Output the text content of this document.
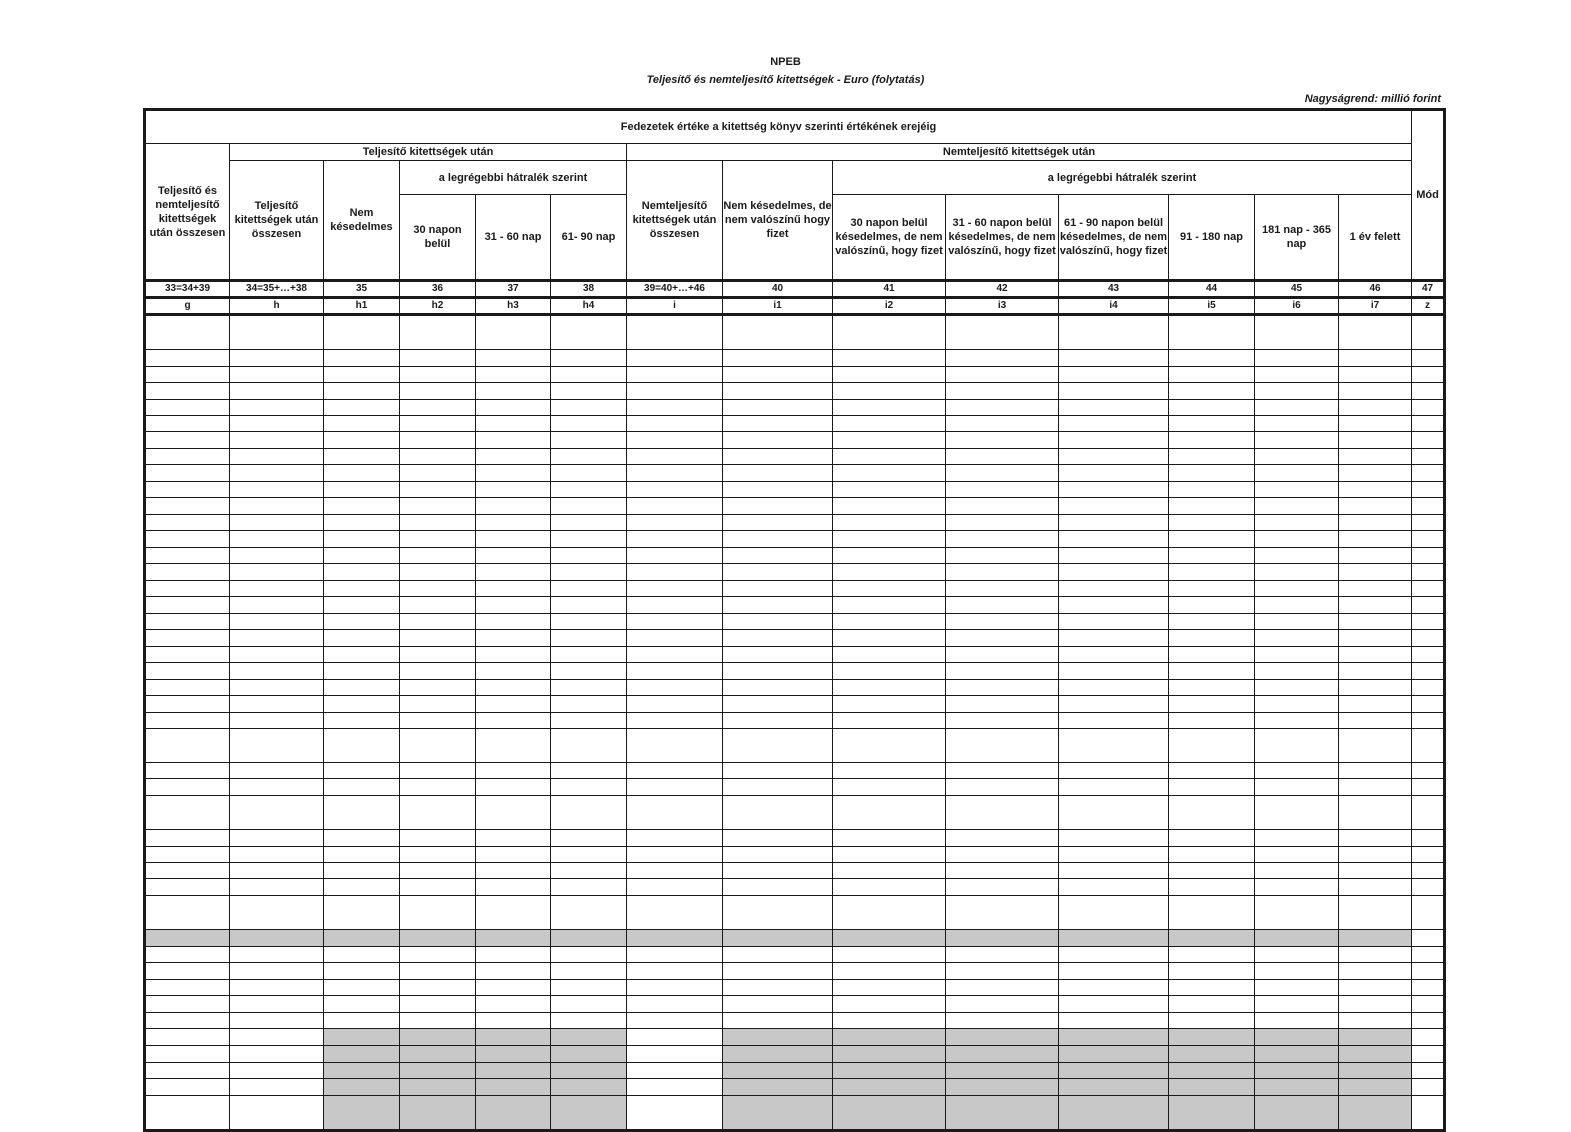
NPEB
Teljesítő és nemteljesítő kitettségek - Euro (folytatás)
Nagyságrend: millió forint
Fedezetek értéke a kitettség könyv szerinti értékének erejéig														Mód
Teljesítő és nemteljesítő kitettségek után összesen	Teljesítő kitettségek után					Nemteljesítő kitettségek után								
	Teljesítő kitettségek után összesen	Nem késedelmes	a legrégebbi hátralék szerint			Nemteljesítő kitettségek után összesen	Nem késedelmes, de nem valószínű hogy fizet	a legrégebbi hátralék szerint						
			30 napon belül	31 - 60 nap	61- 90 nap			30 napon belül késedelmes, de nem valószínű, hogy fizet	31 - 60 napon belül késedelmes, de nem valószínű, hogy fizet	61 - 90 napon belül késedelmes, de nem valószínű, hogy fizet	91 - 180 nap	181 nap - 365 nap	1 év felett	
33=34+39	34=35+…+38	35	36	37	38	39=40+…+46	40	41	42	43	44	45	46	47
g	h	h1	h2	h3	h4	i	i1	i2	i3	i4	i5	i6	i7	z
